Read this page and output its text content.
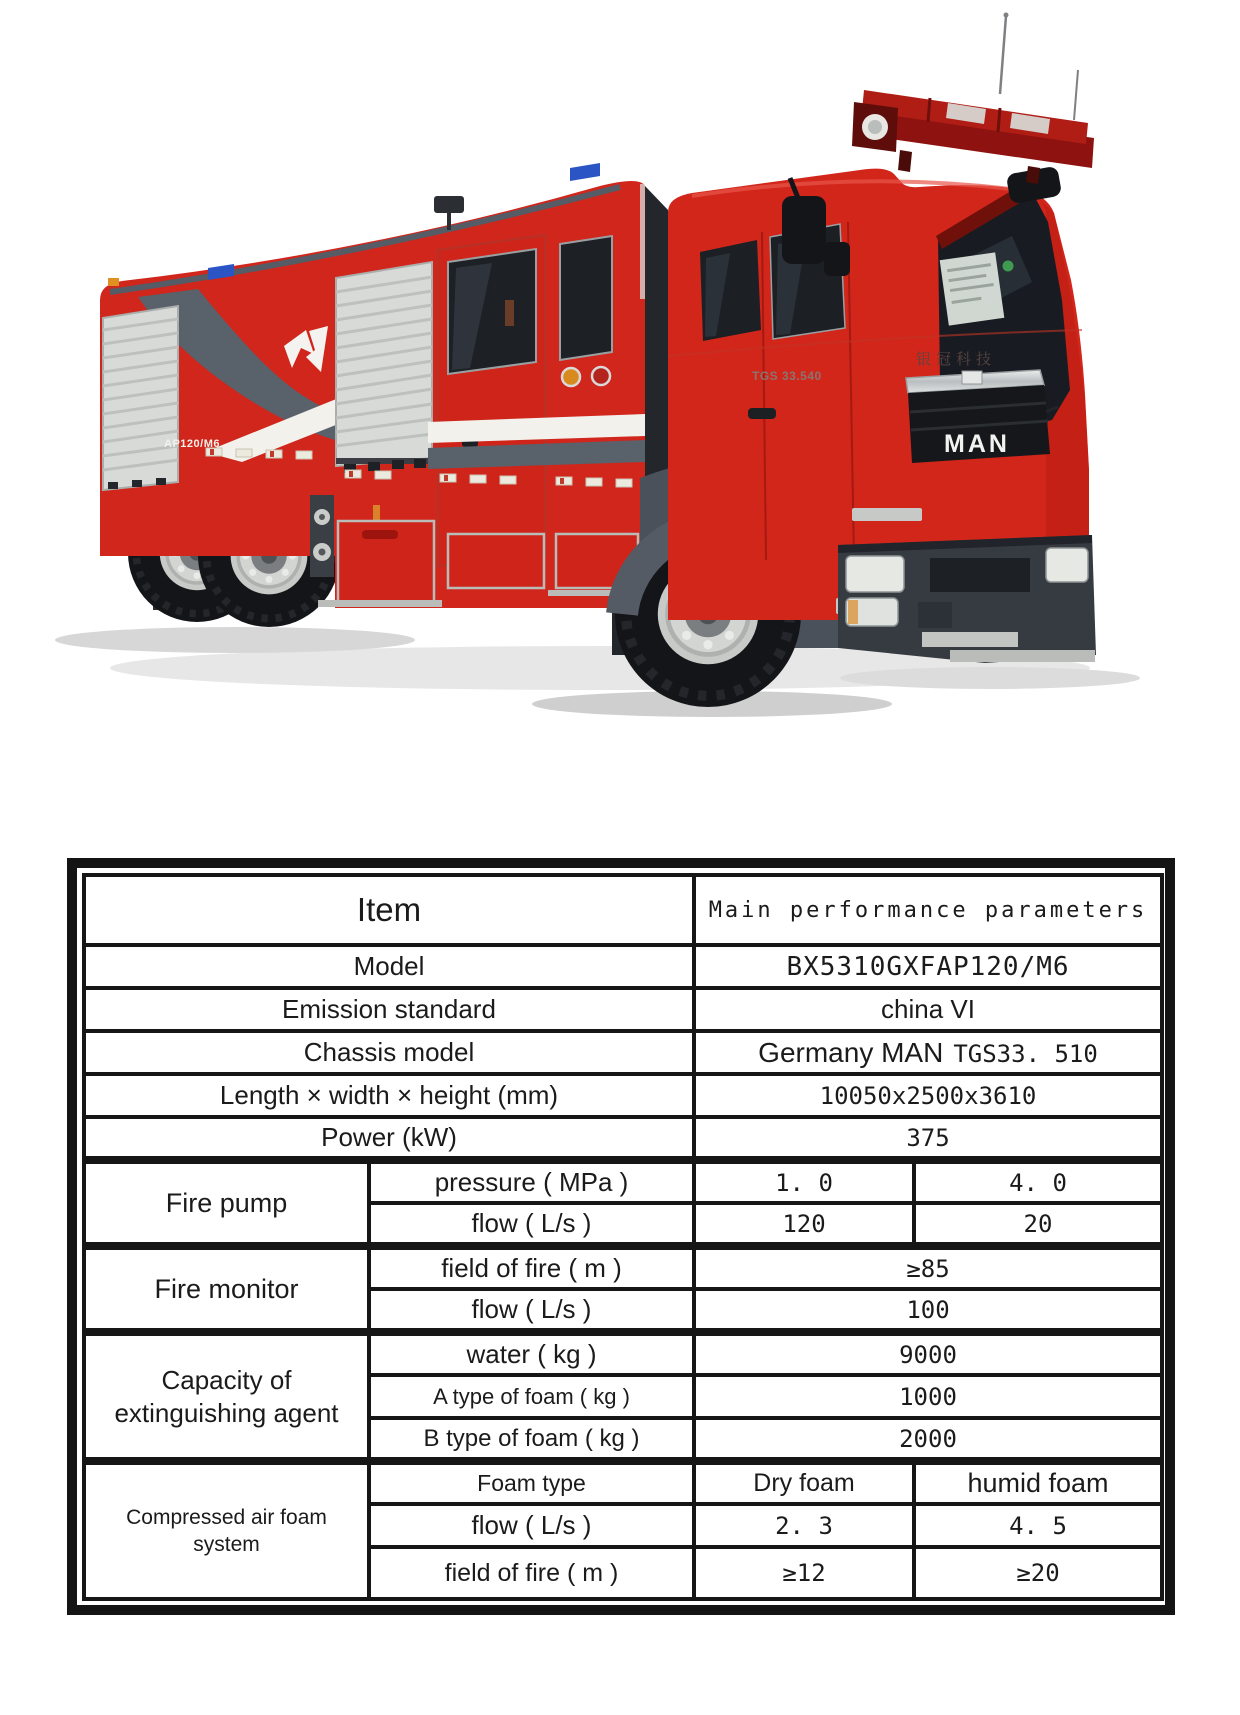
AP120/M6
TGS 33.540
银冠科技
MAN
Item		Main performance parameters	
Model		BX5310GXFAP120/M6	
Emission standard		china VI	
Chassis model		Germany MAN TGS33. 510	
Length × width × height (mm)		10050x2500x3610	
Power (kW)		375	
Fire pump	pressure ( MPa )	1. 0	4. 0
	flow ( L/s )	120	20
Fire monitor	field of fire ( m )	≥85	
	flow ( L/s )	100	
Capacity of extinguishing agent	water ( kg )	9000	
	A type of foam ( kg )	1000	
	B type of foam ( kg )	2000	
Compressed air foam system	Foam type	Dry foam	humid foam
	flow ( L/s )	2. 3	4. 5
	field of fire ( m )	≥12	≥20
